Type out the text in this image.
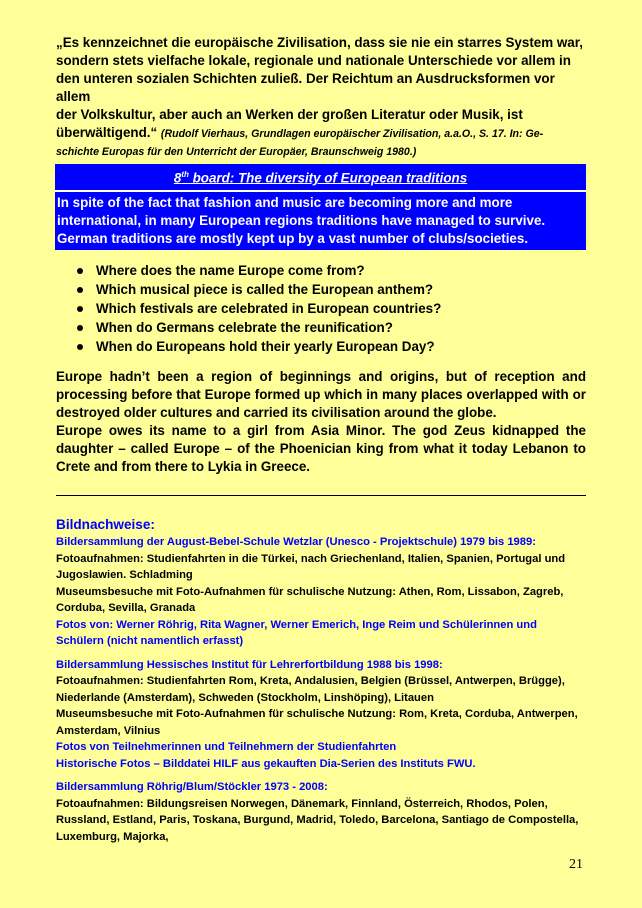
„Es kennzeichnet die europäische Zivilisation, dass sie nie ein starres System war,
sondern stets vielfache lokale, regionale und nationale Unterschiede vor allem in
den unteren sozialen Schichten zuließ. Der Reichtum an Ausdrucksformen vor allem
der Volkskultur, aber auch an Werken der großen Literatur oder Musik, ist
überwältigend.“ (Rudolf Vierhaus, Grundlagen europäischer Zivilisation, a.a.O., S. 17. In: Ge-
schichte Europas für den Unterricht der Europäer, Braunschweig 1980.)
8th board: The diversity of European traditions
In spite of the fact that fashion and music are becoming more and more
international, in many European regions traditions have managed to survive.
German traditions are mostly kept up by a vast number of clubs/societies.
Where does the name Europe come from?
Which musical piece is called the European anthem?
Which festivals are celebrated in European countries?
When do Germans celebrate the reunification?
When do Europeans hold their yearly European Day?
Europe hadn’t been a region of beginnings and origins, but of reception and
processing before that Europe formed up which in many places overlapped with or
destroyed older cultures and carried its civilisation around the globe.
Europe owes its name to a girl from Asia Minor. The god Zeus kidnapped the
daughter – called Europe – of the Phoenician king from what it today Lebanon to
Crete and from there to Lykia in Greece.
Bildnachweise:
Bildersammlung der August-Bebel-Schule Wetzlar (Unesco - Projektschule) 1979 bis 1989:
Fotoaufnahmen: Studienfahrten in die Türkei, nach Griechenland, Italien, Spanien, Portugal und
Jugoslawien. Schladming
Museumsbesuche mit Foto-Aufnahmen für schulische Nutzung: Athen, Rom, Lissabon, Zagreb,
Corduba, Sevilla, Granada
Fotos von: Werner Röhrig, Rita Wagner, Werner Emerich, Inge Reim und Schülerinnen und
Schülern (nicht namentlich erfasst)
Bildersammlung Hessisches Institut für Lehrerfortbildung 1988 bis 1998:
Fotoaufnahmen: Studienfahrten Rom, Kreta, Andalusien, Belgien (Brüssel, Antwerpen, Brügge),
Niederlande (Amsterdam), Schweden (Stockholm, Linshöping), Litauen
Museumsbesuche mit Foto-Aufnahmen für schulische Nutzung: Rom, Kreta, Corduba, Antwerpen,
Amsterdam, Vilnius
Fotos von Teilnehmerinnen und Teilnehmern der Studienfahrten
Historische Fotos – Bilddatei HILF aus gekauften Dia-Serien des Instituts FWU.
Bildersammlung Röhrig/Blum/Stöckler 1973 - 2008:
Fotoaufnahmen: Bildungsreisen Norwegen, Dänemark, Finnland, Österreich, Rhodos, Polen,
Russland, Estland, Paris, Toskana, Burgund, Madrid, Toledo, Barcelona, Santiago de Compostella,
Luxemburg, Majorka,
21
